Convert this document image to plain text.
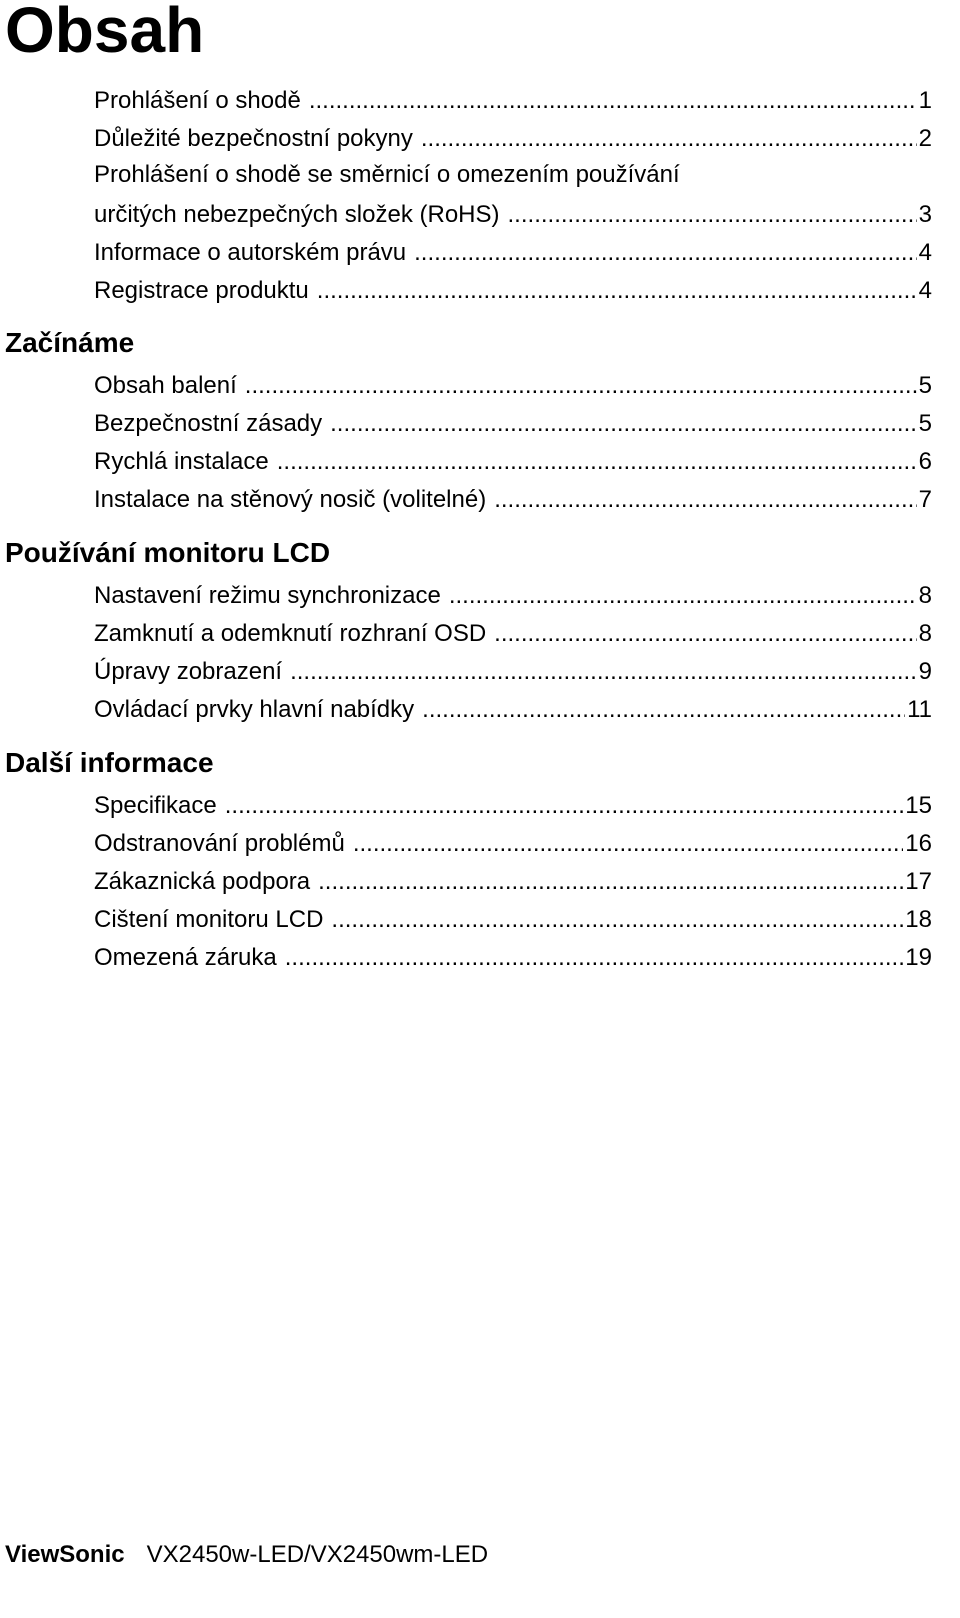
Obsah
Prohlášení o shodě .....	1
Důležité bezpečnostní pokyny .....	2
Prohlášení o shodě se směrnicí o omezením používání
určitých nebezpečných složek (RoHS) .....	3
Informace o autorském právu .....	4
Registrace produktu .....	4
Začínáme
Obsah balení .....	5
Bezpečnostní zásady .....	5
Rychlá instalace .....	6
Instalace na stěnový nosič (volitelné) .....	7
Používání monitoru LCD
Nastavení režimu synchronizace .....	8
Zamknutí a odemknutí rozhraní OSD .....	8
Úpravy zobrazení .....	9
Ovládací prvky hlavní nabídky .....	11
Další informace
Specifikace .....	15
Odstranování problémů .....	16
Zákaznická podpora .....	17
Cištení monitoru LCD .....	18
Omezená záruka .....	19
ViewSonic VX2450w-LED/VX2450wm-LED
